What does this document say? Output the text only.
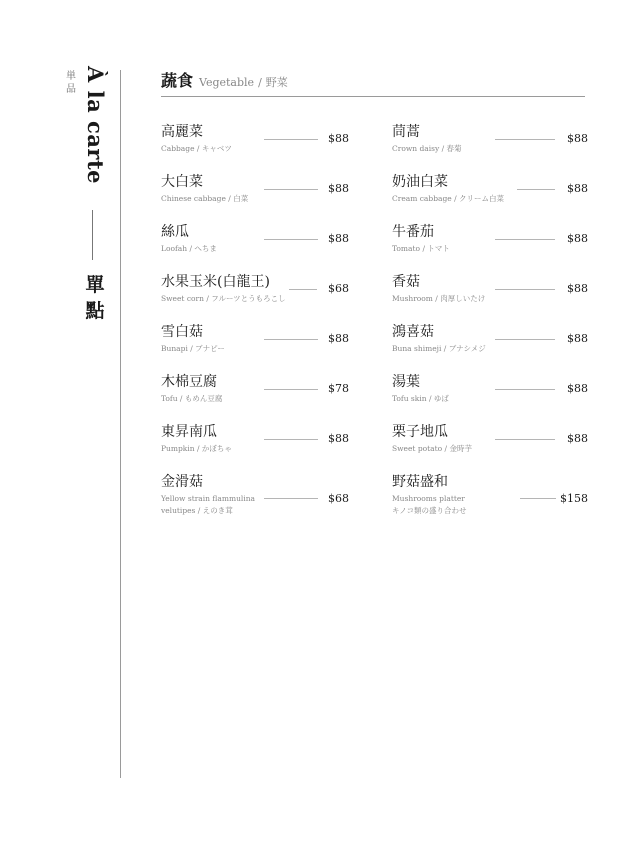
単品 À la carte
單點
蔬食 Vegetable / 野菜
高麗菜
Cabbage / キャベツ
$88
大白菜
Chinese cabbage / 白菜
$88
絲瓜
Loofah / へちま
$88
水果玉米(白龍王)
Sweet corn / フルーツとうもろこし
$68
雪白菇
Bunapi / ブナピー
$88
木棉豆腐
Tofu / もめん豆腐
$78
東昇南瓜
Pumpkin / かぼちゃ
$88
金滑菇
Yellow strain flammulina velutipes / えのき茸
$68
茼蒿
Crown daisy / 春菊
$88
奶油白菜
Cream cabbage / クリーム白菜
$88
牛番茄
Tomato / トマト
$88
香菇
Mushroom / 肉厚しいたけ
$88
鴻喜菇
Buna shimeji / ブナシメジ
$88
湯葉
Tofu skin / ゆば
$88
栗子地瓜
Sweet potato / 金時芋
$88
野菇盛和
Mushrooms platter
キノコ類の盛り合わせ
$158
